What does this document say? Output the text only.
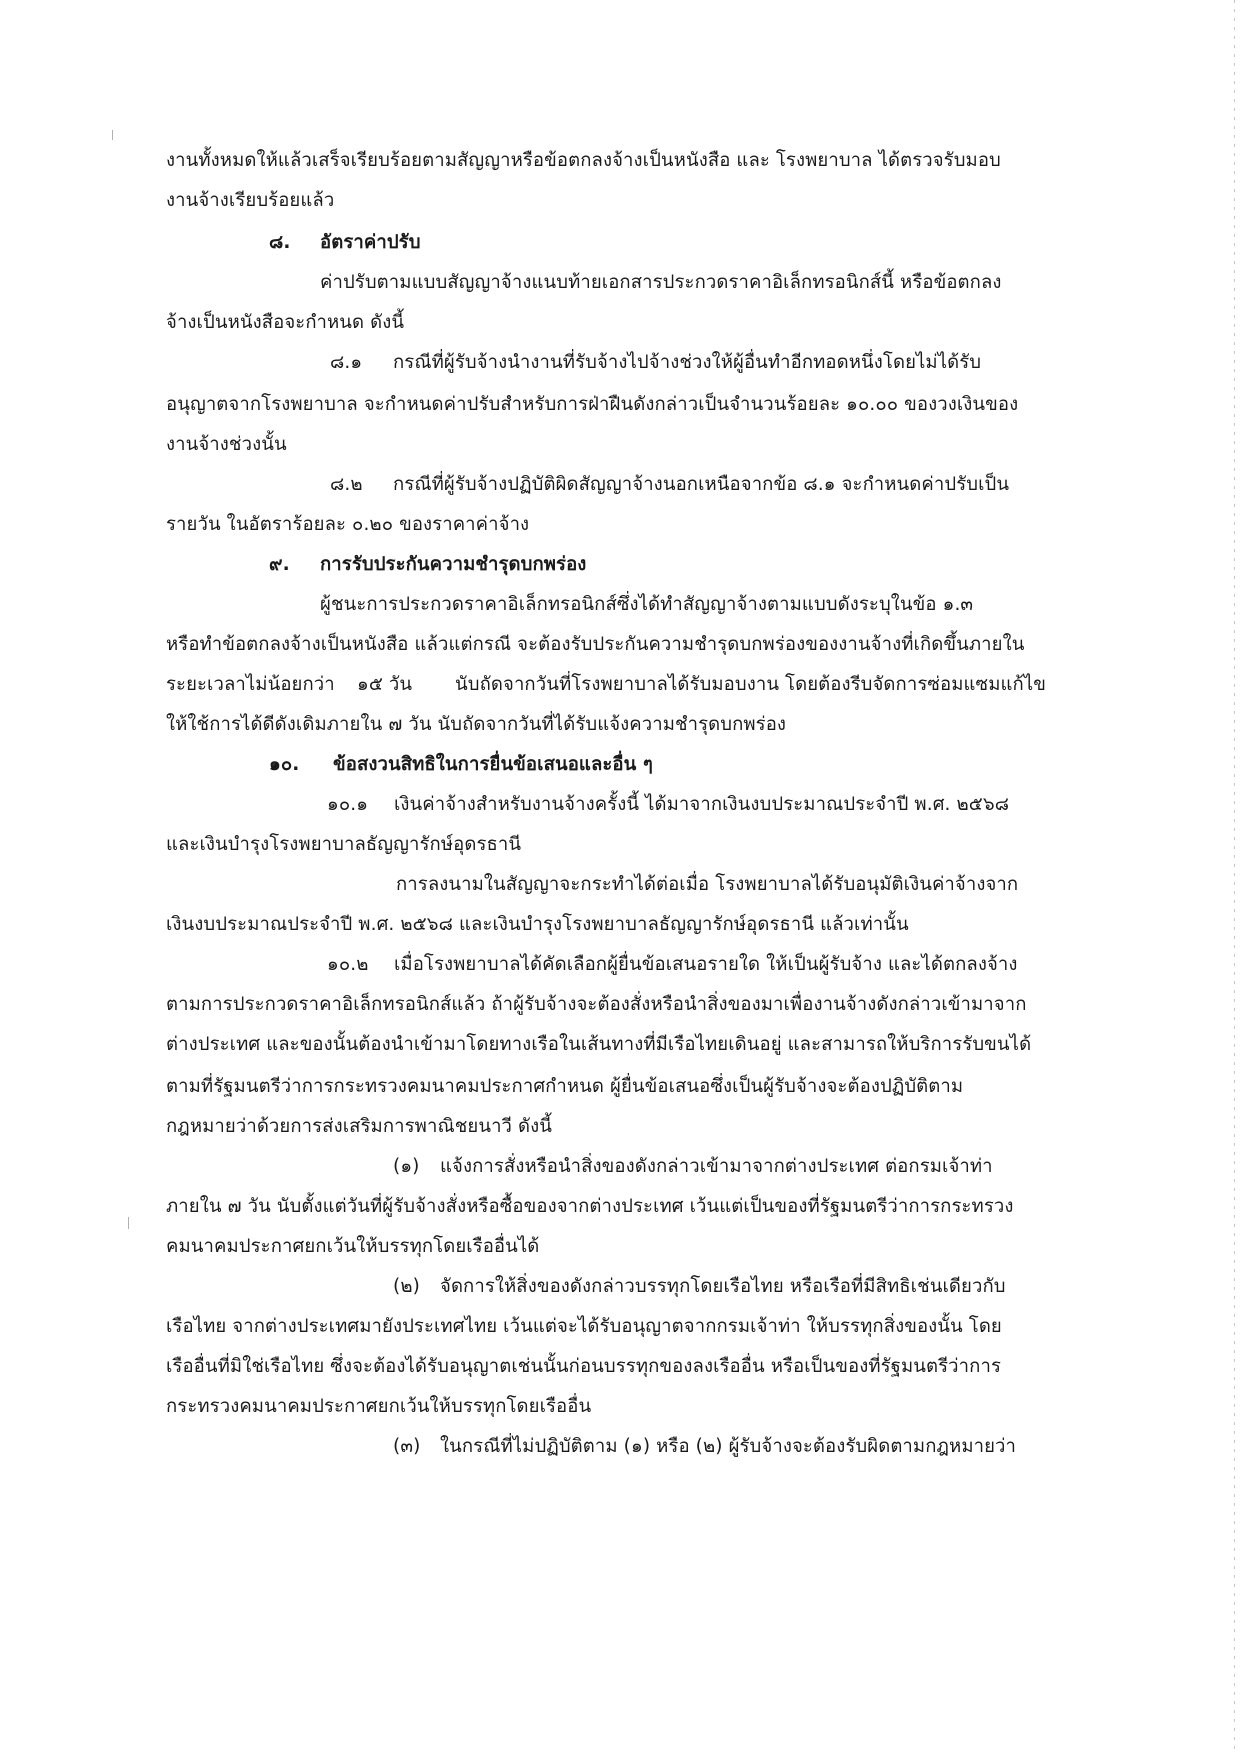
งานทั้งหมดให้แล้วเสร็จเรียบร้อยตามสัญญาหรือข้อตกลงจ้างเป็นหนังสือ และ โรงพยาบาล ได้ตรวจรับมอบ

งานจ้างเรียบร้อยแล้ว

๘. อัตราค่าปรับ

ค่าปรับตามแบบสัญญาจ้างแนบท้ายเอกสารประกวดราคาอิเล็กทรอนิกส์นี้ หรือข้อตกลง

จ้างเป็นหนังสือจะกำหนด ดังนี้

๘.๑ กรณีที่ผู้รับจ้างนำงานที่รับจ้างไปจ้างช่วงให้ผู้อื่นทำอีกทอดหนึ่งโดยไม่ได้รับ

อนุญาตจากโรงพยาบาล จะกำหนดค่าปรับสำหรับการฝ่าฝืนดังกล่าวเป็นจำนวนร้อยละ ๑๐.๐๐ ของวงเงินของ

งานจ้างช่วงนั้น

๘.๒ กรณีที่ผู้รับจ้างปฏิบัติผิดสัญญาจ้างนอกเหนือจากข้อ ๘.๑ จะกำหนดค่าปรับเป็น

รายวัน ในอัตราร้อยละ ๐.๒๐ ของราคาค่าจ้าง

๙. การรับประกันความชำรุดบกพร่อง

ผู้ชนะการประกวดราคาอิเล็กทรอนิกส์ซึ่งได้ทำสัญญาจ้างตามแบบดังระบุในข้อ ๑.๓

หรือทำข้อตกลงจ้างเป็นหนังสือ แล้วแต่กรณี จะต้องรับประกันความชำรุดบกพร่องของงานจ้างที่เกิดขึ้นภายใน

ระยะเวลาไม่น้อยกว่า ๑๕ วัน นับถัดจากวันที่โรงพยาบาลได้รับมอบงาน โดยต้องรีบจัดการซ่อมแซมแก้ไข

ให้ใช้การได้ดีดังเดิมภายใน ๗ วัน นับถัดจากวันที่ได้รับแจ้งความชำรุดบกพร่อง

๑๐. ข้อสงวนสิทธิในการยื่นข้อเสนอและอื่น ๆ

๑๐.๑ เงินค่าจ้างสำหรับงานจ้างครั้งนี้ ได้มาจากเงินงบประมาณประจำปี พ.ศ. ๒๕๖๘

และเงินบำรุงโรงพยาบาลธัญญารักษ์อุดรธานี

การลงนามในสัญญาจะกระทำได้ต่อเมื่อ โรงพยาบาลได้รับอนุมัติเงินค่าจ้างจาก

เงินงบประมาณประจำปี พ.ศ. ๒๕๖๘ และเงินบำรุงโรงพยาบาลธัญญารักษ์อุดรธานี แล้วเท่านั้น

๑๐.๒ เมื่อโรงพยาบาลได้คัดเลือกผู้ยื่นข้อเสนอรายใด ให้เป็นผู้รับจ้าง และได้ตกลงจ้าง

ตามการประกวดราคาอิเล็กทรอนิกส์แล้ว ถ้าผู้รับจ้างจะต้องสั่งหรือนำสิ่งของมาเพื่องานจ้างดังกล่าวเข้ามาจาก

ต่างประเทศ และของนั้นต้องนำเข้ามาโดยทางเรือในเส้นทางที่มีเรือไทยเดินอยู่ และสามารถให้บริการรับขนได้

ตามที่รัฐมนตรีว่าการกระทรวงคมนาคมประกาศกำหนด ผู้ยื่นข้อเสนอซึ่งเป็นผู้รับจ้างจะต้องปฏิบัติตาม

กฎหมายว่าด้วยการส่งเสริมการพาณิชยนาวี ดังนี้

(๑) แจ้งการสั่งหรือนำสิ่งของดังกล่าวเข้ามาจากต่างประเทศ ต่อกรมเจ้าท่า

ภายใน ๗ วัน นับตั้งแต่วันที่ผู้รับจ้างสั่งหรือซื้อของจากต่างประเทศ เว้นแต่เป็นของที่รัฐมนตรีว่าการกระทรวง

คมนาคมประกาศยกเว้นให้บรรทุกโดยเรืออื่นได้

(๒) จัดการให้สิ่งของดังกล่าวบรรทุกโดยเรือไทย หรือเรือที่มีสิทธิเช่นเดียวกับ

เรือไทย จากต่างประเทศมายังประเทศไทย เว้นแต่จะได้รับอนุญาตจากกรมเจ้าท่า ให้บรรทุกสิ่งของนั้น โดย

เรืออื่นที่มิใช่เรือไทย ซึ่งจะต้องได้รับอนุญาตเช่นนั้นก่อนบรรทุกของลงเรืออื่น หรือเป็นของที่รัฐมนตรีว่าการ

กระทรวงคมนาคมประกาศยกเว้นให้บรรทุกโดยเรืออื่น

(๓) ในกรณีที่ไม่ปฏิบัติตาม (๑) หรือ (๒) ผู้รับจ้างจะต้องรับผิดตามกฎหมายว่า
